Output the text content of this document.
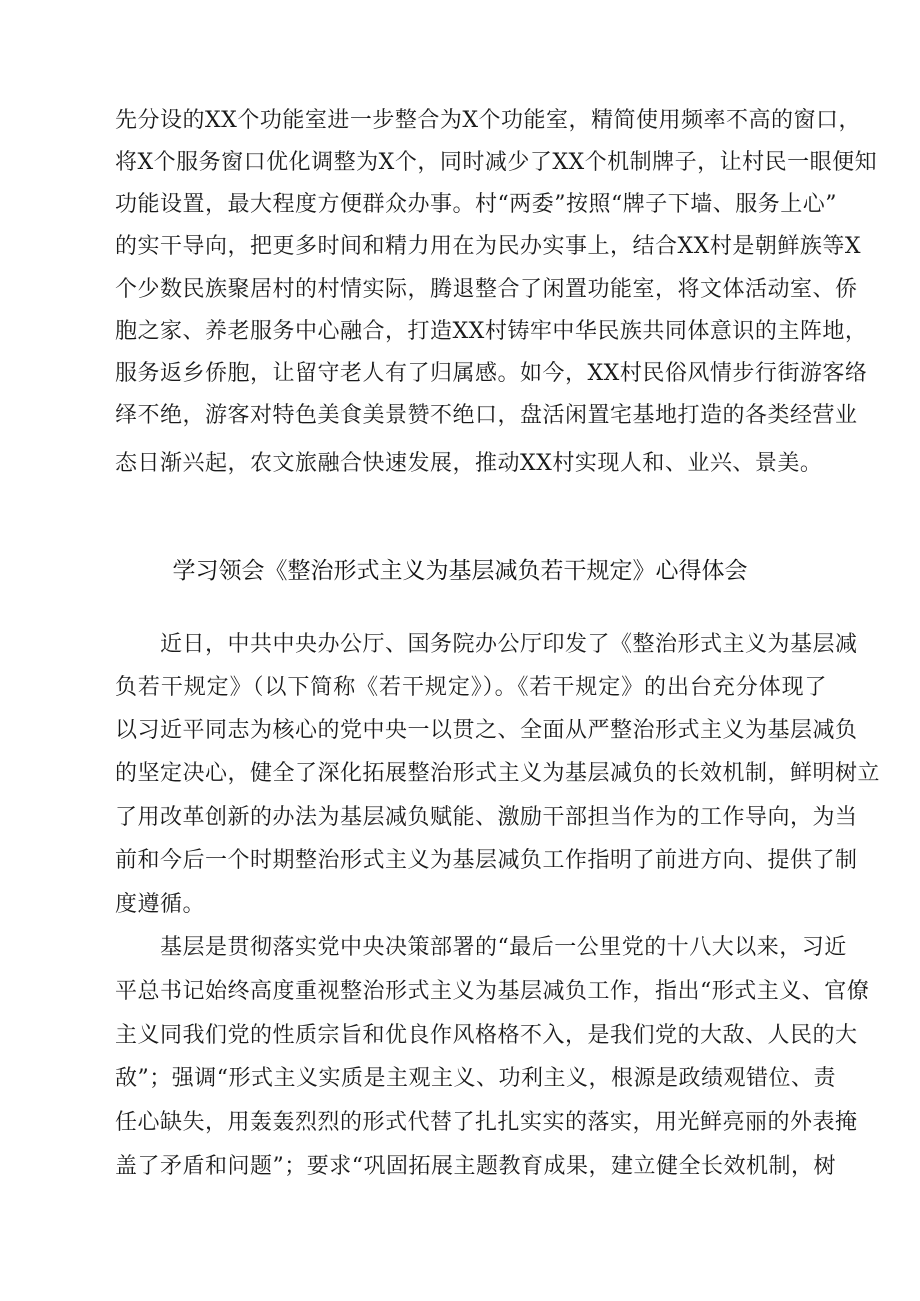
先分设的XX个功能室进一步整合为X个功能室，精简使用频率不高的窗口，
将X个服务窗口优化调整为X个，同时减少了XX个机制牌子，让村民一眼便知
功能设置，最大程度方便群众办事。村“两委”按照“牌子下墙、服务上心”
的实干导向，把更多时间和精力用在为民办实事上，结合XX村是朝鲜族等X
个少数民族聚居村的村情实际，腾退整合了闲置功能室，将文体活动室、侨
胞之家、养老服务中心融合，打造XX村铸牢中华民族共同体意识的主阵地，
服务返乡侨胞，让留守老人有了归属感。如今，XX村民俗风情步行街游客络
绎不绝，游客对特色美食美景赞不绝口，盘活闲置宅基地打造的各类经营业
态日渐兴起，农文旅融合快速发展，推动XX村实现人和、业兴、景美。
学习领会《整治形式主义为基层减负若干规定》心得体会
近日，中共中央办公厅、国务院办公厅印发了《整治形式主义为基层减
负若干规定》（以下简称《若干规定》）。《若干规定》的出台充分体现了
以习近平同志为核心的党中央一以贯之、全面从严整治形式主义为基层减负
的坚定决心，健全了深化拓展整治形式主义为基层减负的长效机制，鲜明树立
了用改革创新的办法为基层减负赋能、激励干部担当作为的工作导向，为当
前和今后一个时期整治形式主义为基层减负工作指明了前进方向、提供了制
度遵循。
基层是贯彻落实党中央决策部署的“最后一公里党的十八大以来，习近
平总书记始终高度重视整治形式主义为基层减负工作，指出“形式主义、官僚
主义同我们党的性质宗旨和优良作风格格不入，是我们党的大敌、人民的大
敌”；强调“形式主义实质是主观主义、功利主义，根源是政绩观错位、责
任心缺失，用轰轰烈烈的形式代替了扎扎实实的落实，用光鲜亮丽的外表掩
盖了矛盾和问题”；要求“巩固拓展主题教育成果，建立健全长效机制，树
